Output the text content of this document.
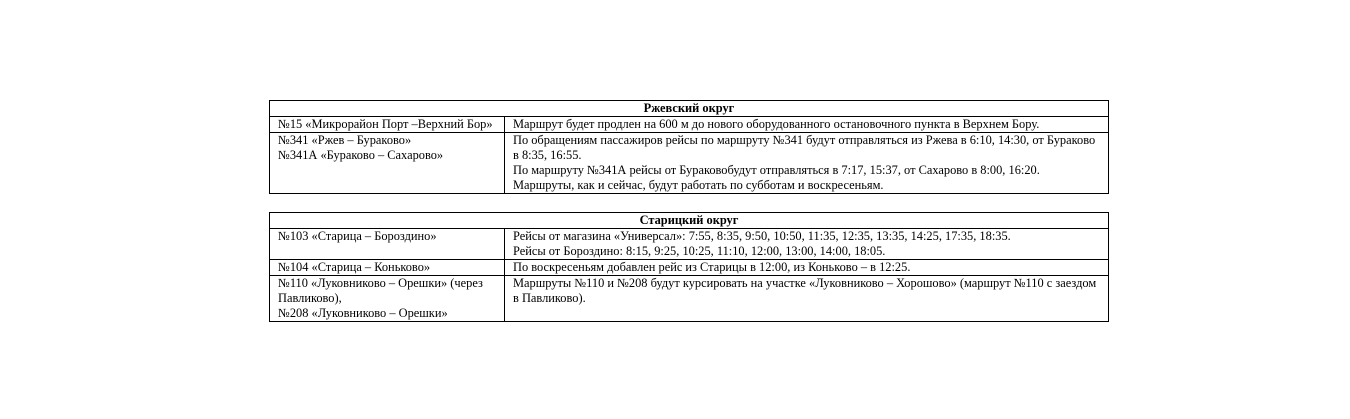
Ржевский округ	

№15 «Микрорайон Порт –Верхний Бор»	Маршрут будет продлен на 600 м до нового оборудованного остановочного пункта в Верхнем Бору.

№341 «Ржев – Бураково»
№341А «Бураково – Сахарово»	По обращениям пассажиров рейсы по маршруту №341 будут отправляться из Ржева в 6:10, 14:30, от Бураково в 8:35, 16:55.
По маршруту №341А рейсы от Бураковобудут отправляться в 7:17, 15:37, от Сахарово в 8:00, 16:20.
Маршруты, как и сейчас, будут работать по субботам и воскресеньям.
Старицкий округ	

№103 «Старица – Бороздино»	Рейсы от магазина «Универсал»: 7:55, 8:35, 9:50, 10:50, 11:35, 12:35, 13:35, 14:25, 17:35, 18:35.
Рейсы от Бороздино: 8:15, 9:25, 10:25, 11:10, 12:00, 13:00, 14:00, 18:05.

№104 «Старица – Коньково»	По воскресеньям добавлен рейс из Старицы в 12:00, из Коньково – в 12:25.

№110 «Луковниково – Орешки» (через Павликово),
№208 «Луковниково – Орешки»	Маршруты №110 и №208 будут курсировать на участке «Луковниково – Хорошово» (маршрут №110 с заездом в Павликово).
